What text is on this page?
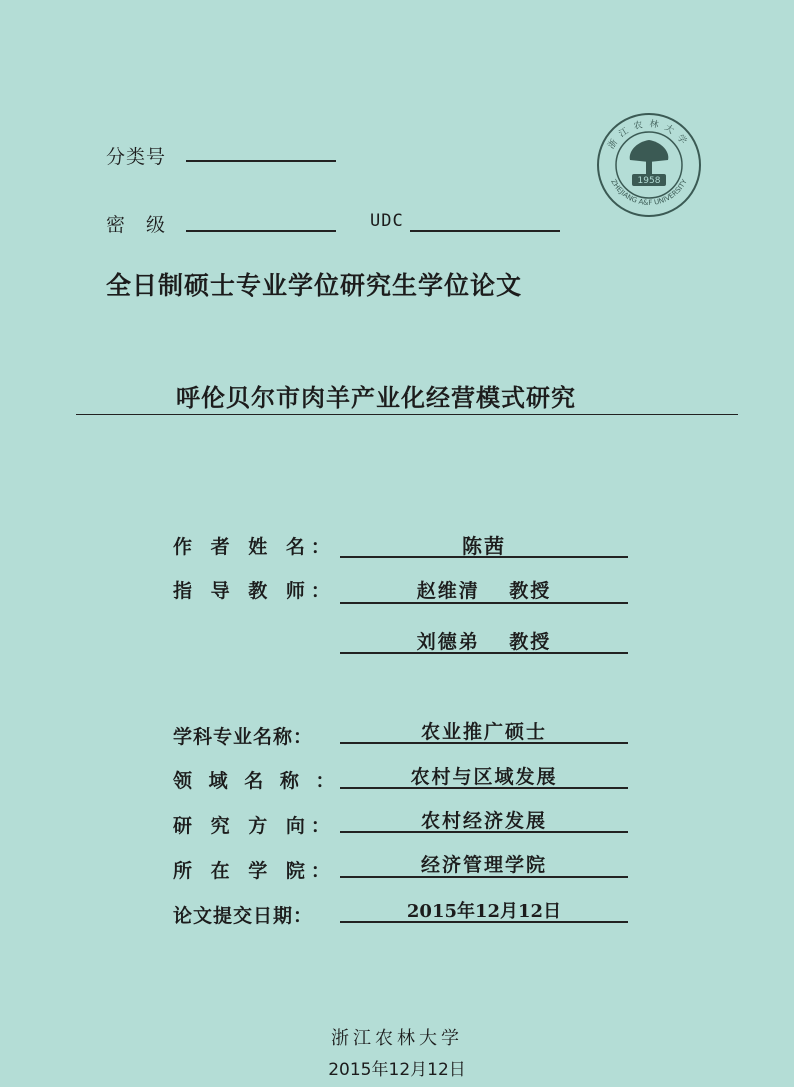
分类号
密　级	UDC
1958
ZHEJIANG A&F UNIVERSITY
浙江农林大学
全日制硕士专业学位研究生学位论文
呼伦贝尔市肉羊产业化经营模式研究
作 者 姓 名：	陈茜
指 导 教 师：	赵维清　 教授
刘德弟　 教授
学科专业名称：	农业推广硕士
领 域 名 称 ：	农村与区域发展
研 究 方 向：	农村经济发展
所 在 学 院：	经济管理学院
论文提交日期：	2015年12月12日
浙江农林大学
2015年12月12日
